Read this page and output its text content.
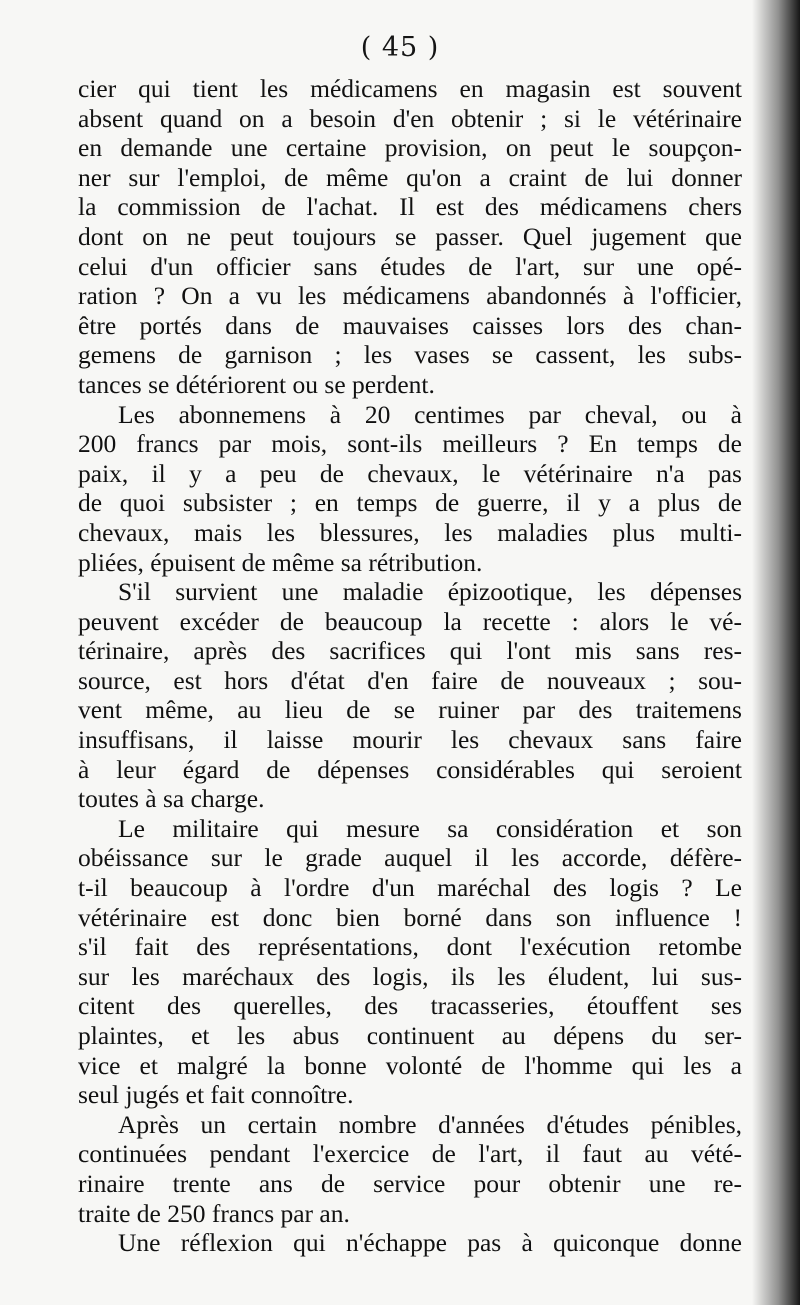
( 45 )
cier qui tient les médicamens en magasin est souvent
absent quand on a besoin d'en obtenir ; si le vétérinaire
en demande une certaine provision, on peut le soupçon-
ner sur l'emploi, de même qu'on a craint de lui donner
la commission de l'achat. Il est des médicamens chers
dont on ne peut toujours se passer. Quel jugement que
celui d'un officier sans études de l'art, sur une opé-
ration ? On a vu les médicamens abandonnés à l'officier,
être portés dans de mauvaises caisses lors des chan-
gemens de garnison ; les vases se cassent, les subs-
tances se détériorent ou se perdent.
Les abonnemens à 20 centimes par cheval, ou à
200 francs par mois, sont-ils meilleurs ? En temps de
paix, il y a peu de chevaux, le vétérinaire n'a pas
de quoi subsister ; en temps de guerre, il y a plus de
chevaux, mais les blessures, les maladies plus multi-
pliées, épuisent de même sa rétribution.
S'il survient une maladie épizootique, les dépenses
peuvent excéder de beaucoup la recette : alors le vé-
térinaire, après des sacrifices qui l'ont mis sans res-
source, est hors d'état d'en faire de nouveaux ; sou-
vent même, au lieu de se ruiner par des traitemens
insuffisans, il laisse mourir les chevaux sans faire
à leur égard de dépenses considérables qui seroient
toutes à sa charge.
Le militaire qui mesure sa considération et son
obéissance sur le grade auquel il les accorde, défère-
t-il beaucoup à l'ordre d'un maréchal des logis ? Le
vétérinaire est donc bien borné dans son influence !
s'il fait des représentations, dont l'exécution retombe
sur les maréchaux des logis, ils les éludent, lui sus-
citent des querelles, des tracasseries, étouffent ses
plaintes, et les abus continuent au dépens du ser-
vice et malgré la bonne volonté de l'homme qui les a
seul jugés et fait connoître.
Après un certain nombre d'années d'études pénibles,
continuées pendant l'exercice de l'art, il faut au vété-
rinaire trente ans de service pour obtenir une re-
traite de 250 francs par an.
Une réflexion qui n'échappe pas à quiconque donne
